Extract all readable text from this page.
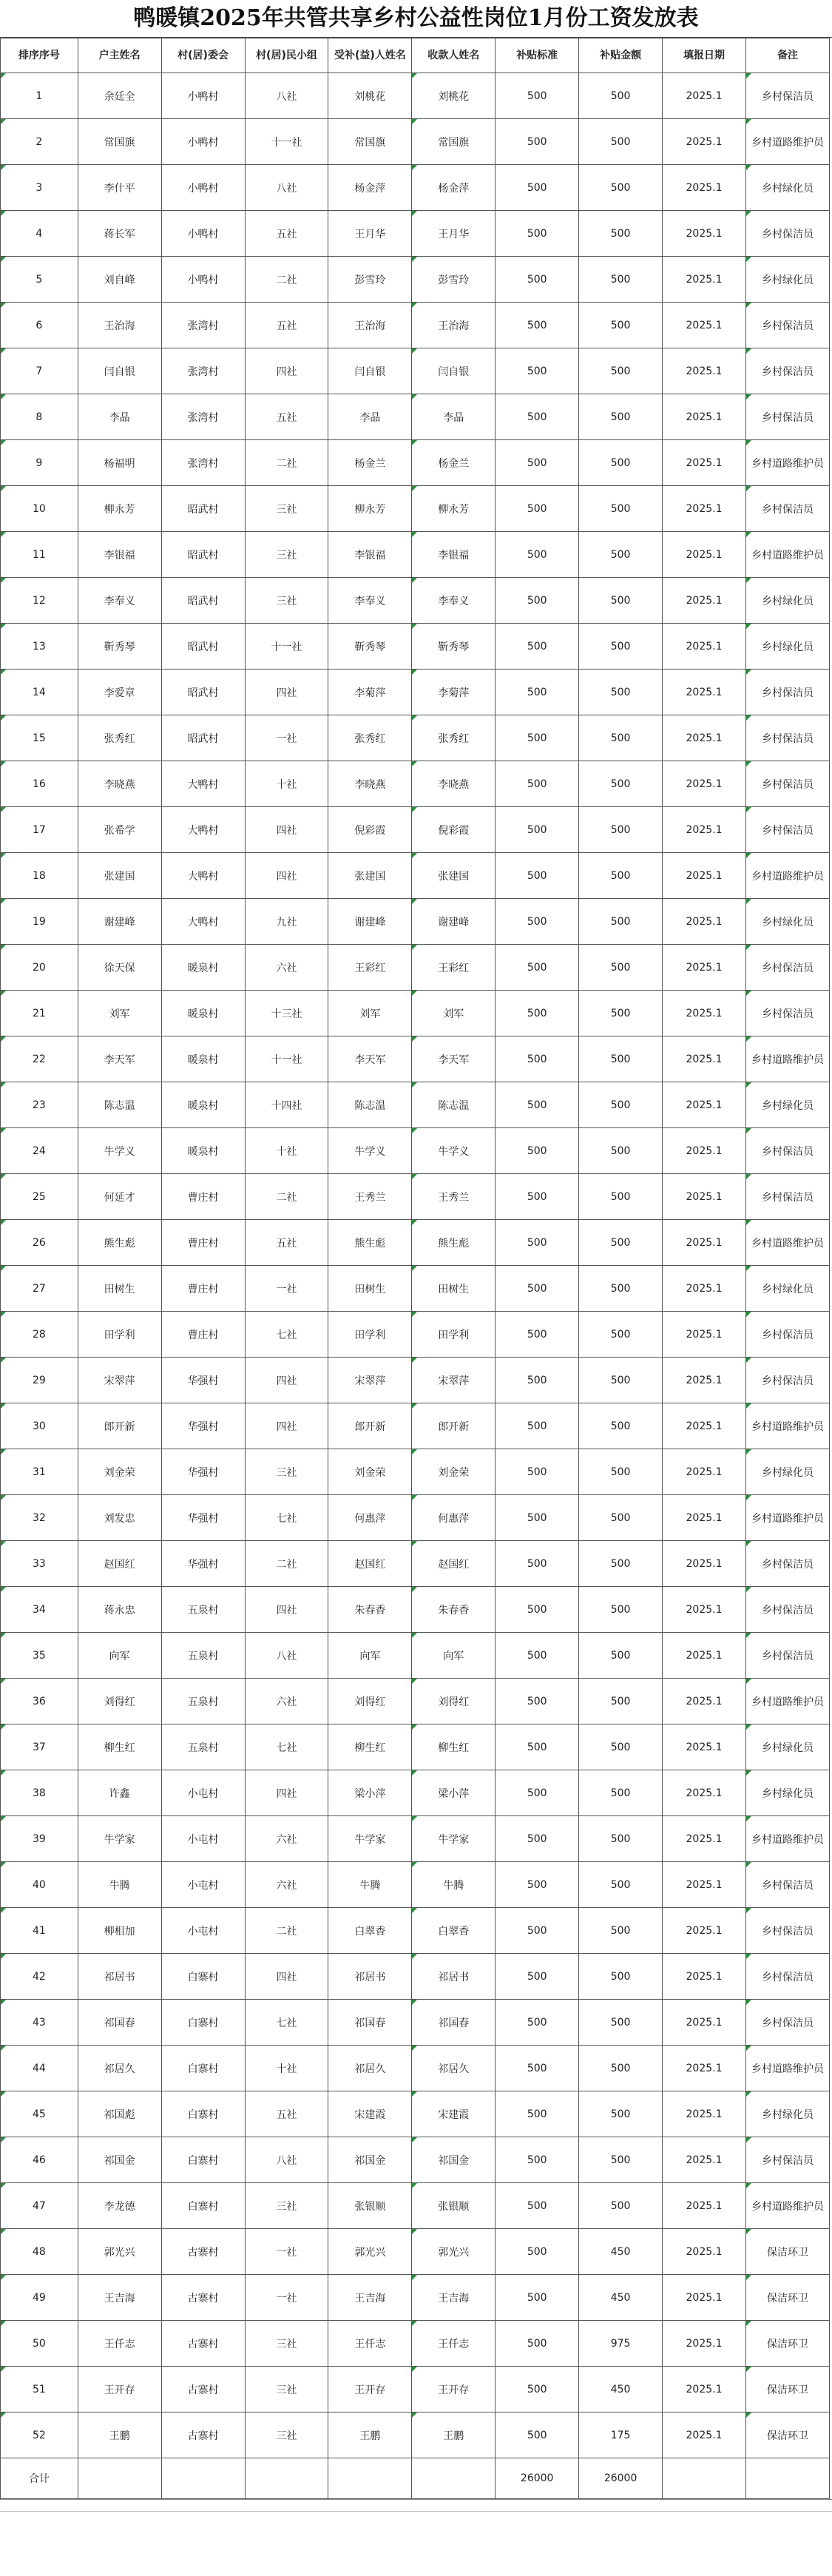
鸭暖镇2025年共管共享乡村公益性岗位1月份工资发放表
排序序号	户主姓名	村(居)委会	村(居)民小组	受补(益)人姓名	收款人姓名	补贴标准	补贴金额	填报日期	备注
1	余廷全	小鸭村	八社	刘桃花	刘桃花	500	500	2025.1	乡村保洁员
2	常国旗	小鸭村	十一社	常国旗	常国旗	500	500	2025.1	乡村道路维护员
3	李什平	小鸭村	八社	杨金萍	杨金萍	500	500	2025.1	乡村绿化员
4	蒋长军	小鸭村	五社	王月华	王月华	500	500	2025.1	乡村保洁员
5	刘自峰	小鸭村	二社	彭雪玲	彭雪玲	500	500	2025.1	乡村绿化员
6	王治海	张湾村	五社	王治海	王治海	500	500	2025.1	乡村保洁员
7	闫自银	张湾村	四社	闫自银	闫自银	500	500	2025.1	乡村保洁员
8	李晶	张湾村	五社	李晶	李晶	500	500	2025.1	乡村保洁员
9	杨福明	张湾村	二社	杨金兰	杨金兰	500	500	2025.1	乡村道路维护员
10	柳永芳	昭武村	三社	柳永芳	柳永芳	500	500	2025.1	乡村保洁员
11	李银福	昭武村	三社	李银福	李银福	500	500	2025.1	乡村道路维护员
12	李奉义	昭武村	三社	李奉义	李奉义	500	500	2025.1	乡村绿化员
13	靳秀琴	昭武村	十一社	靳秀琴	靳秀琴	500	500	2025.1	乡村绿化员
14	李爱章	昭武村	四社	李菊萍	李菊萍	500	500	2025.1	乡村保洁员
15	张秀红	昭武村	一社	张秀红	张秀红	500	500	2025.1	乡村保洁员
16	李晓燕	大鸭村	十社	李晓燕	李晓燕	500	500	2025.1	乡村保洁员
17	张希学	大鸭村	四社	倪彩霞	倪彩霞	500	500	2025.1	乡村保洁员
18	张建国	大鸭村	四社	张建国	张建国	500	500	2025.1	乡村道路维护员
19	谢建峰	大鸭村	九社	谢建峰	谢建峰	500	500	2025.1	乡村绿化员
20	徐天保	暖泉村	六社	王彩红	王彩红	500	500	2025.1	乡村保洁员
21	刘军	暖泉村	十三社	刘军	刘军	500	500	2025.1	乡村保洁员
22	李天军	暖泉村	十一社	李天军	李天军	500	500	2025.1	乡村道路维护员
23	陈志温	暖泉村	十四社	陈志温	陈志温	500	500	2025.1	乡村绿化员
24	牛学义	暖泉村	十社	牛学义	牛学义	500	500	2025.1	乡村保洁员
25	何延才	曹庄村	二社	王秀兰	王秀兰	500	500	2025.1	乡村保洁员
26	熊生彪	曹庄村	五社	熊生彪	熊生彪	500	500	2025.1	乡村道路维护员
27	田树生	曹庄村	一社	田树生	田树生	500	500	2025.1	乡村绿化员
28	田学利	曹庄村	七社	田学利	田学利	500	500	2025.1	乡村保洁员
29	宋翠萍	华强村	四社	宋翠萍	宋翠萍	500	500	2025.1	乡村保洁员
30	郎开新	华强村	四社	郎开新	郎开新	500	500	2025.1	乡村道路维护员
31	刘金荣	华强村	三社	刘金荣	刘金荣	500	500	2025.1	乡村绿化员
32	刘发忠	华强村	七社	何惠萍	何惠萍	500	500	2025.1	乡村道路维护员
33	赵国红	华强村	二社	赵国红	赵国红	500	500	2025.1	乡村保洁员
34	蒋永忠	五泉村	四社	朱春香	朱春香	500	500	2025.1	乡村保洁员
35	向军	五泉村	八社	向军	向军	500	500	2025.1	乡村保洁员
36	刘得红	五泉村	六社	刘得红	刘得红	500	500	2025.1	乡村道路维护员
37	柳生红	五泉村	七社	柳生红	柳生红	500	500	2025.1	乡村绿化员
38	许鑫	小屯村	四社	梁小萍	梁小萍	500	500	2025.1	乡村绿化员
39	牛学家	小屯村	六社	牛学家	牛学家	500	500	2025.1	乡村道路维护员
40	牛腾	小屯村	六社	牛腾	牛腾	500	500	2025.1	乡村保洁员
41	柳相加	小屯村	二社	白翠香	白翠香	500	500	2025.1	乡村保洁员
42	祁居书	白寨村	四社	祁居书	祁居书	500	500	2025.1	乡村保洁员
43	祁国春	白寨村	七社	祁国春	祁国春	500	500	2025.1	乡村保洁员
44	祁居久	白寨村	十社	祁居久	祁居久	500	500	2025.1	乡村道路维护员
45	祁国彪	白寨村	五社	宋建霞	宋建霞	500	500	2025.1	乡村绿化员
46	祁国金	白寨村	八社	祁国金	祁国金	500	500	2025.1	乡村保洁员
47	李龙德	白寨村	三社	张银顺	张银顺	500	500	2025.1	乡村道路维护员
48	郭光兴	古寨村	一社	郭光兴	郭光兴	500	450	2025.1	保洁环卫
49	王吉海	古寨村	一社	王吉海	王吉海	500	450	2025.1	保洁环卫
50	王仟志	古寨村	三社	王仟志	王仟志	500	975	2025.1	保洁环卫
51	王开存	古寨村	三社	王开存	王开存	500	450	2025.1	保洁环卫
52	王鹏	古寨村	三社	王鹏	王鹏	500	175	2025.1	保洁环卫
合计						26000	26000		
